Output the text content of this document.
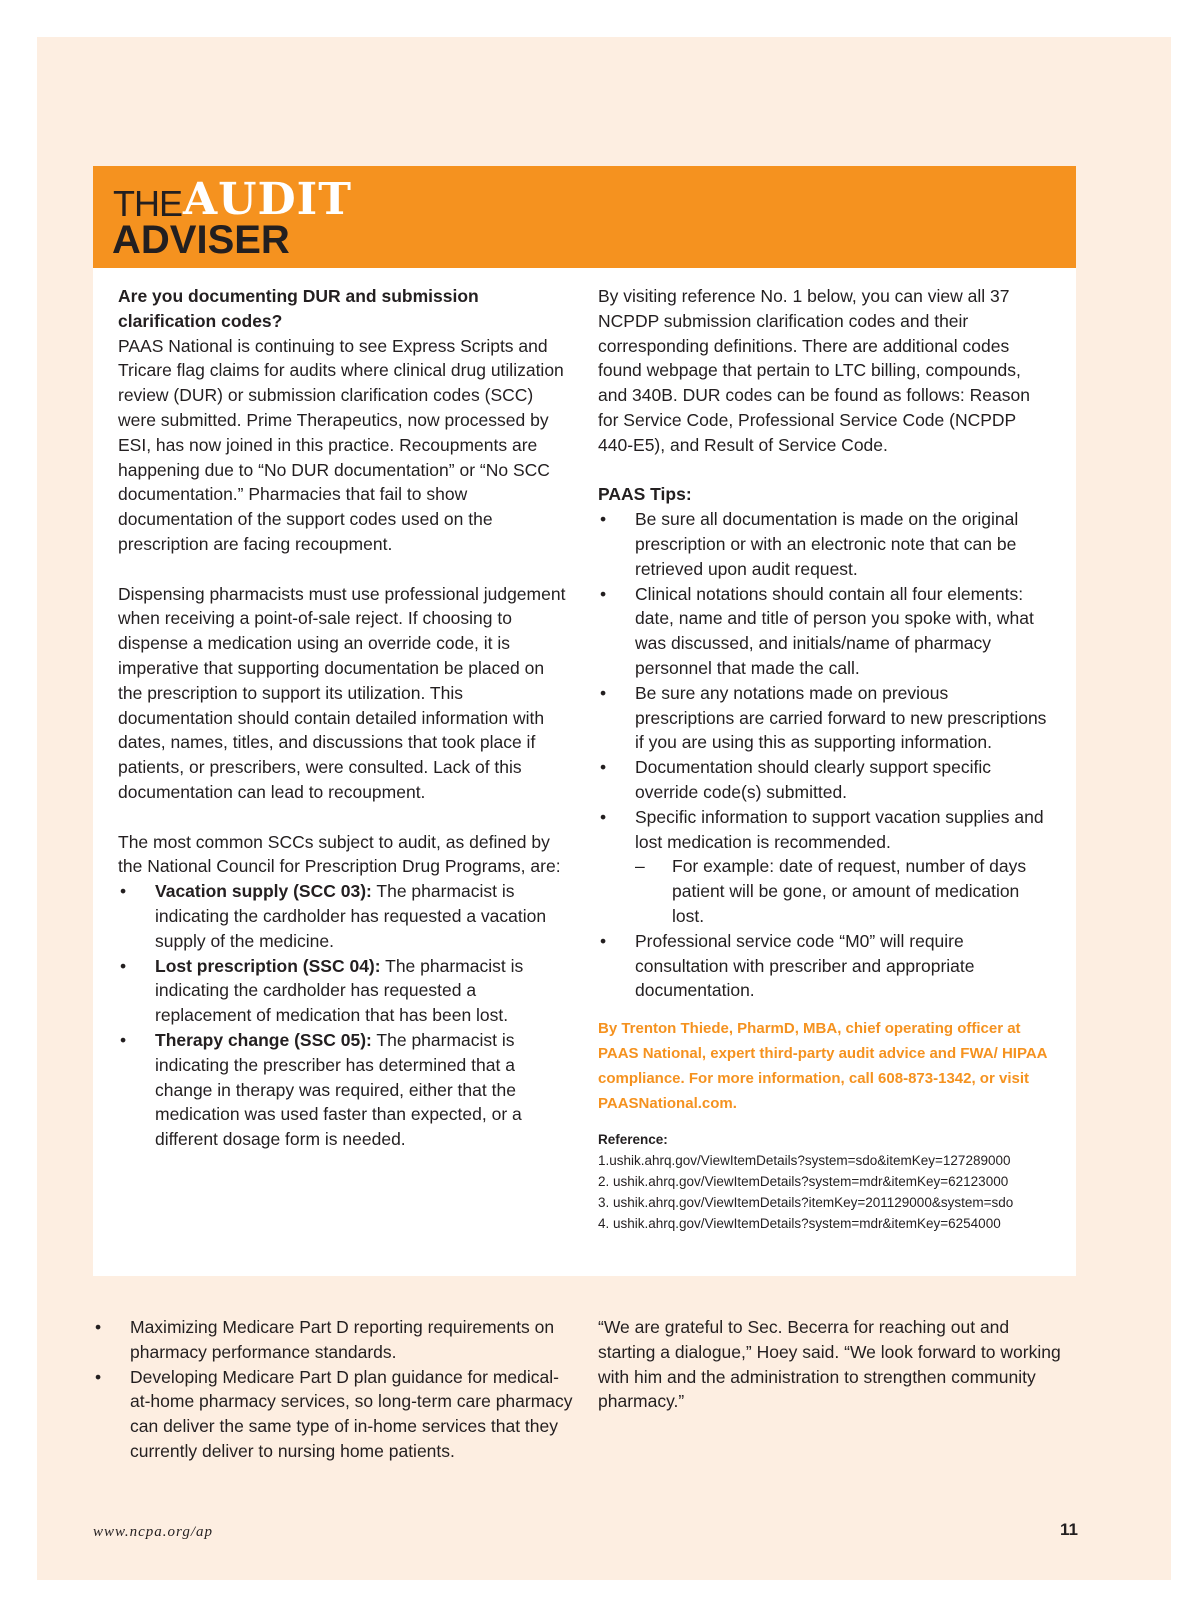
THE AUDIT
ADVISER

Are you documenting DUR and submission clarification codes?

PAAS National is continuing to see Express Scripts and Tricare flag claims for audits where clinical drug utilization review (DUR) or submission clarification codes (SCC) were submitted. Prime Therapeutics, now processed by ESI, has now joined in this practice. Recoupments are happening due to “No DUR documentation” or “No SCC documentation.” Pharmacies that fail to show documentation of the support codes used on the prescription are facing recoupment.

Dispensing pharmacists must use professional judgement when receiving a point-of-sale reject. If choosing to dispense a medication using an override code, it is imperative that supporting documentation be placed on the prescription to support its utilization. This documentation should contain detailed information with dates, names, titles, and discussions that took place if patients, or prescribers, were consulted. Lack of this documentation can lead to recoupment.

The most common SCCs subject to audit, as defined by the National Council for Prescription Drug Programs, are:

• Vacation supply (SCC 03): The pharmacist is indicating the cardholder has requested a vacation supply of the medicine.
• Lost prescription (SSC 04): The pharmacist is indicating the cardholder has requested a replacement of medication that has been lost.
• Therapy change (SSC 05): The pharmacist is indicating the prescriber has determined that a change in therapy was required, either that the medication was used faster than expected, or a different dosage form is needed.

By visiting reference No. 1 below, you can view all 37 NCPDP submission clarification codes and their corresponding definitions. There are additional codes found webpage that pertain to LTC billing, compounds, and 340B. DUR codes can be found as follows: Reason for Service Code, Professional Service Code (NCPDP 440-E5), and Result of Service Code.

PAAS Tips:

• Be sure all documentation is made on the original prescription or with an electronic note that can be retrieved upon audit request.
• Clinical notations should contain all four elements: date, name and title of person you spoke with, what was discussed, and initials/name of pharmacy personnel that made the call.
• Be sure any notations made on previous prescriptions are carried forward to new prescriptions if you are using this as supporting information.
• Documentation should clearly support specific override code(s) submitted.
• Specific information to support vacation supplies and lost medication is recommended.
– For example: date of request, number of days patient will be gone, or amount of medication lost.
• Professional service code “M0” will require consultation with prescriber and appropriate documentation.

By Trenton Thiede, PharmD, MBA, chief operating officer at PAAS National, expert third-party audit advice and FWA/ HIPAA compliance. For more information, call 608-873-1342, or visit PAASNational.com.

Reference:

1.ushik.ahrq.gov/ViewItemDetails?system=sdo&itemKey=127289000

2. ushik.ahrq.gov/ViewItemDetails?system=mdr&itemKey=62123000

3. ushik.ahrq.gov/ViewItemDetails?itemKey=201129000&system=sdo

4. ushik.ahrq.gov/ViewItemDetails?system=mdr&itemKey=6254000

• Maximizing Medicare Part D reporting requirements on pharmacy performance standards.
• Developing Medicare Part D plan guidance for medical-at-home pharmacy services, so long-term care pharmacy can deliver the same type of in-home services that they currently deliver to nursing home patients.

“We are grateful to Sec. Becerra for reaching out and starting a dialogue,” Hoey said. “We look forward to working with him and the administration to strengthen community pharmacy.”

www.ncpa.org/ap	11
